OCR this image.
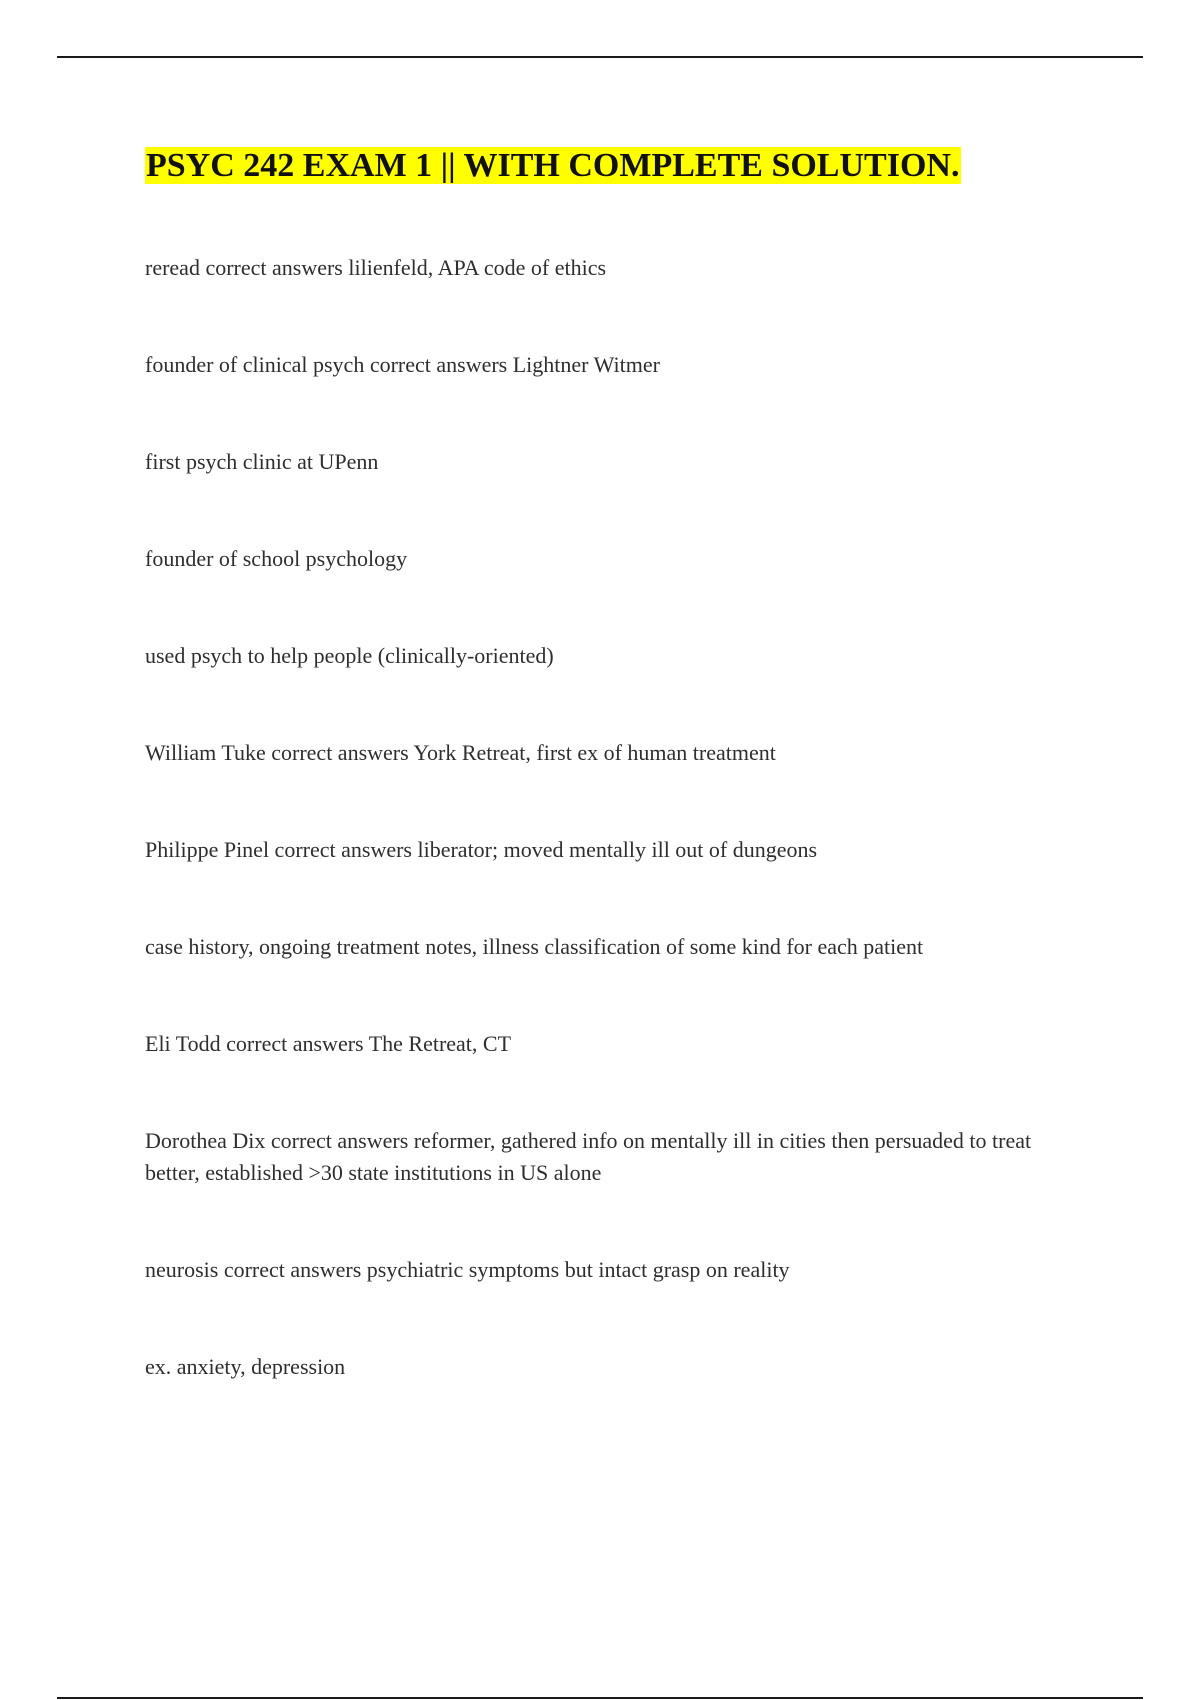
PSYC 242 EXAM 1 || WITH COMPLETE SOLUTION.
reread correct answers lilienfeld, APA code of ethics
founder of clinical psych correct answers Lightner Witmer
first psych clinic at UPenn
founder of school psychology
used psych to help people (clinically-oriented)
William Tuke correct answers York Retreat, first ex of human treatment
Philippe Pinel correct answers liberator; moved mentally ill out of dungeons
case history, ongoing treatment notes, illness classification of some kind for each patient
Eli Todd correct answers The Retreat, CT
Dorothea Dix correct answers reformer, gathered info on mentally ill in cities then persuaded to treat better, established >30 state institutions in US alone
neurosis correct answers psychiatric symptoms but intact grasp on reality
ex. anxiety, depression
